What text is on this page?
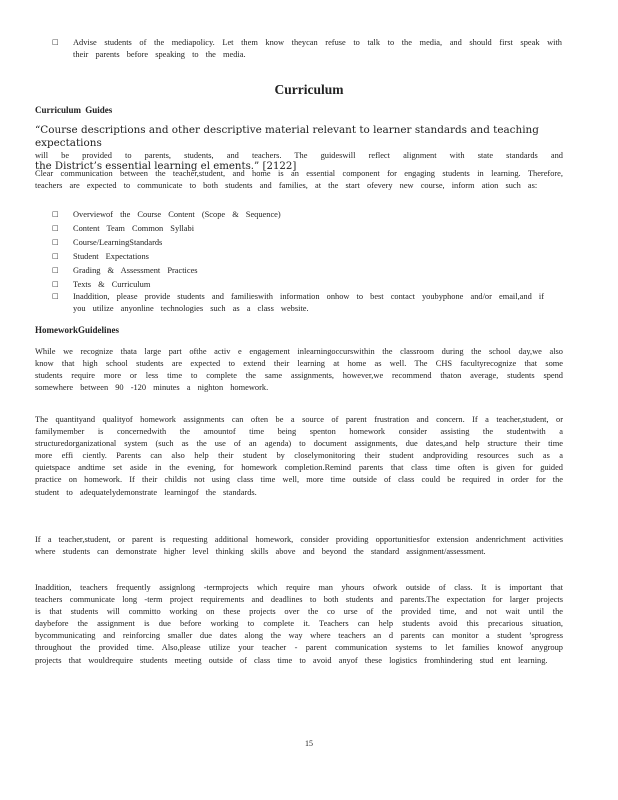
□ Advise students of the mediapolicy. Let them know theycan refuse to talk to the media, and should first speak with their parents before speaking to the media.
Curriculum
Curriculum Guides
“Course descriptions and other descriptive material relevant to learner standards and teaching expectations
will be provided to parents, students, and teachers. The guideswill reflect alignment with state standards and
the District’s essential learning el ements.” [2122]
Clear communication between the teacher,student, and home is an essential component for engaging students in learning. Therefore, teachers are expected to communicate to both students and families, at the start ofevery new course, inform ation such as:
□ Overviewof the Course Content (Scope & Sequence)
□ Content Team Common Syllabi
□ Course/LearningStandards
□ Student Expectations
□ Grading & Assessment Practices
□ Texts & Curriculum
□ Inaddition, please provide students and familieswith information onhow to best contact youbyphone and/or email,and if you utilize anyonline technologies such as a class website.
HomeworkGuidelines
While we recognize thata large part ofthe activ e engagement inlearningoccurswithin the classroom during the school day,we also know that high school students are expected to extend their learning at home as well. The CHS facultyrecognize that some students require more or less time to complete the same assignments, however,we recommend thaton average, students spend somewhere between 90 -120 minutes a nighton homework.
The quantityand qualityof homework assignments can often be a source of parent frustration and concern. If a teacher,student, or familymember is concernedwith the amountof time being spenton homework consider assisting the studentwith a structuredorganizational system (such as the use of an agenda) to document assignments, due dates,and help structure their time more effi ciently. Parents can also help their student by closelymonitoring their student andproviding resources such as a quietspace andtime set aside in the evening, for homework completion.Remind parents that class time often is given for guided practice on homework. If their childis not using class time well, more time outside of class could be required in order for the student to adequatelydemonstrate learningof the standards.
If a teacher,student, or parent is requesting additional homework, consider providing opportunitiesfor extension andenrichment activities where students can demonstrate higher level thinking skills above and beyond the standard assignment/assessment.
Inaddition, teachers frequently assignlong -termprojects which require man yhours ofwork outside of class. It is important that teachers communicate long -term project requirements and deadlines to both students and parents.The expectation for larger projects is that students will committo working on these projects over the co urse of the provided time, and not wait until the daybefore the assignment is due before working to complete it. Teachers can help students avoid this precarious situation, bycommunicating and reinforcing smaller due dates along the way where teachers an d parents can monitor a student ’sprogress throughout the provided time. Also,please utilize your teacher - parent communication systems to let families knowof anygroup projects that wouldrequire students meeting outside of class time to avoid anyof these logistics fromhindering stud ent learning.
15
